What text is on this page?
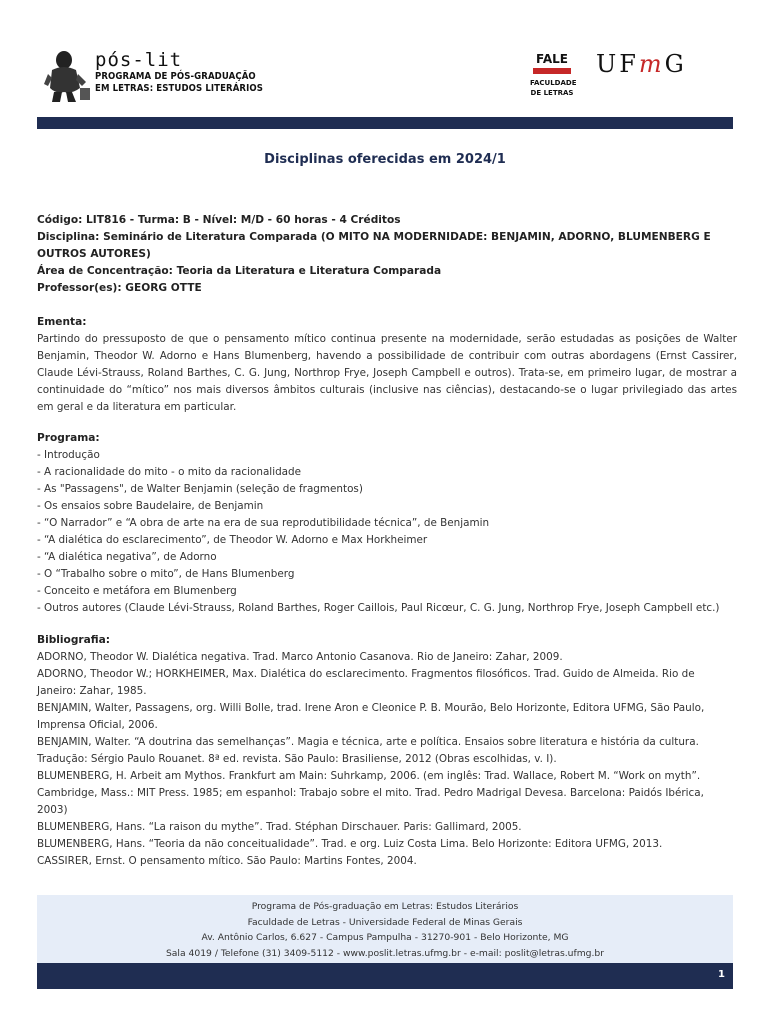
pós-lit
PROGRAMA DE PÓS-GRADUAÇÃO
EM LETRAS: ESTUDOS LITERÁRIOS
FALE
FACULDADE
DE LETRAS
UFmG
Disciplinas oferecidas em 2024/1
Código: LIT816 - Turma: B - Nível: M/D - 60 horas - 4 Créditos
Disciplina: Seminário de Literatura Comparada (O MITO NA MODERNIDADE: BENJAMIN, ADORNO, BLUMENBERG E OUTROS AUTORES)
Área de Concentração: Teoria da Literatura e Literatura Comparada
Professor(es): GEORG OTTE
Ementa:

Partindo do pressuposto de que o pensamento mítico continua presente na modernidade, serão estudadas as posições de Walter Benjamin, Theodor W. Adorno e Hans Blumenberg, havendo a possibilidade de contribuir com outras abordagens (Ernst Cassirer, Claude Lévi-Strauss, Roland Barthes, C. G. Jung, Northrop Frye, Joseph Campbell e outros). Trata-se, em primeiro lugar, de mostrar a continuidade do “mítico” nos mais diversos âmbitos culturais (inclusive nas ciências), destacando-se o lugar privilegiado das artes em geral e da literatura em particular.

Programa:
- Introdução
- A racionalidade do mito - o mito da racionalidade
- As "Passagens", de Walter Benjamin (seleção de fragmentos)
- Os ensaios sobre Baudelaire, de Benjamin
- “O Narrador” e “A obra de arte na era de sua reprodutibilidade técnica”, de Benjamin
- “A dialética do esclarecimento”, de Theodor W. Adorno e Max Horkheimer
- “A dialética negativa”, de Adorno
- O “Trabalho sobre o mito”, de Hans Blumenberg
- Conceito e metáfora em Blumenberg
- Outros autores (Claude Lévi-Strauss, Roland Barthes, Roger Caillois, Paul Ricœur, C. G. Jung, Northrop Frye, Joseph Campbell etc.)
Bibliografia:
ADORNO, Theodor W. Dialética negativa. Trad. Marco Antonio Casanova. Rio de Janeiro: Zahar, 2009.
ADORNO, Theodor W.; HORKHEIMER, Max. Dialética do esclarecimento. Fragmentos filosóficos. Trad. Guido de Almeida. Rio de Janeiro: Zahar, 1985.
BENJAMIN, Walter, Passagens, org. Willi Bolle, trad. Irene Aron e Cleonice P. B. Mourão, Belo Horizonte, Editora UFMG, São Paulo, Imprensa Oficial, 2006.
BENJAMIN, Walter. “A doutrina das semelhanças”. Magia e técnica, arte e política. Ensaios sobre literatura e história da cultura. Tradução: Sérgio Paulo Rouanet. 8ª ed. revista. São Paulo: Brasiliense, 2012 (Obras escolhidas, v. I).
BLUMENBERG, H. Arbeit am Mythos. Frankfurt am Main: Suhrkamp, 2006. (em inglês: Trad. Wallace, Robert M. “Work on myth”. Cambridge, Mass.: MIT Press. 1985; em espanhol: Trabajo sobre el mito. Trad. Pedro Madrigal Devesa. Barcelona: Paidós Ibérica, 2003)
BLUMENBERG, Hans. “La raison du mythe”. Trad. Stéphan Dirschauer. Paris: Gallimard, 2005.
BLUMENBERG, Hans. “Teoria da não conceitualidade”. Trad. e org. Luiz Costa Lima. Belo Horizonte: Editora UFMG, 2013.
CASSIRER, Ernst. O pensamento mítico. São Paulo: Martins Fontes, 2004.
Programa de Pós-graduação em Letras: Estudos Literários
Faculdade de Letras - Universidade Federal de Minas Gerais
Av. Antônio Carlos, 6.627 - Campus Pampulha - 31270-901 - Belo Horizonte, MG
Sala 4019 / Telefone (31) 3409-5112 - www.poslit.letras.ufmg.br - e-mail: poslit@letras.ufmg.br
1
